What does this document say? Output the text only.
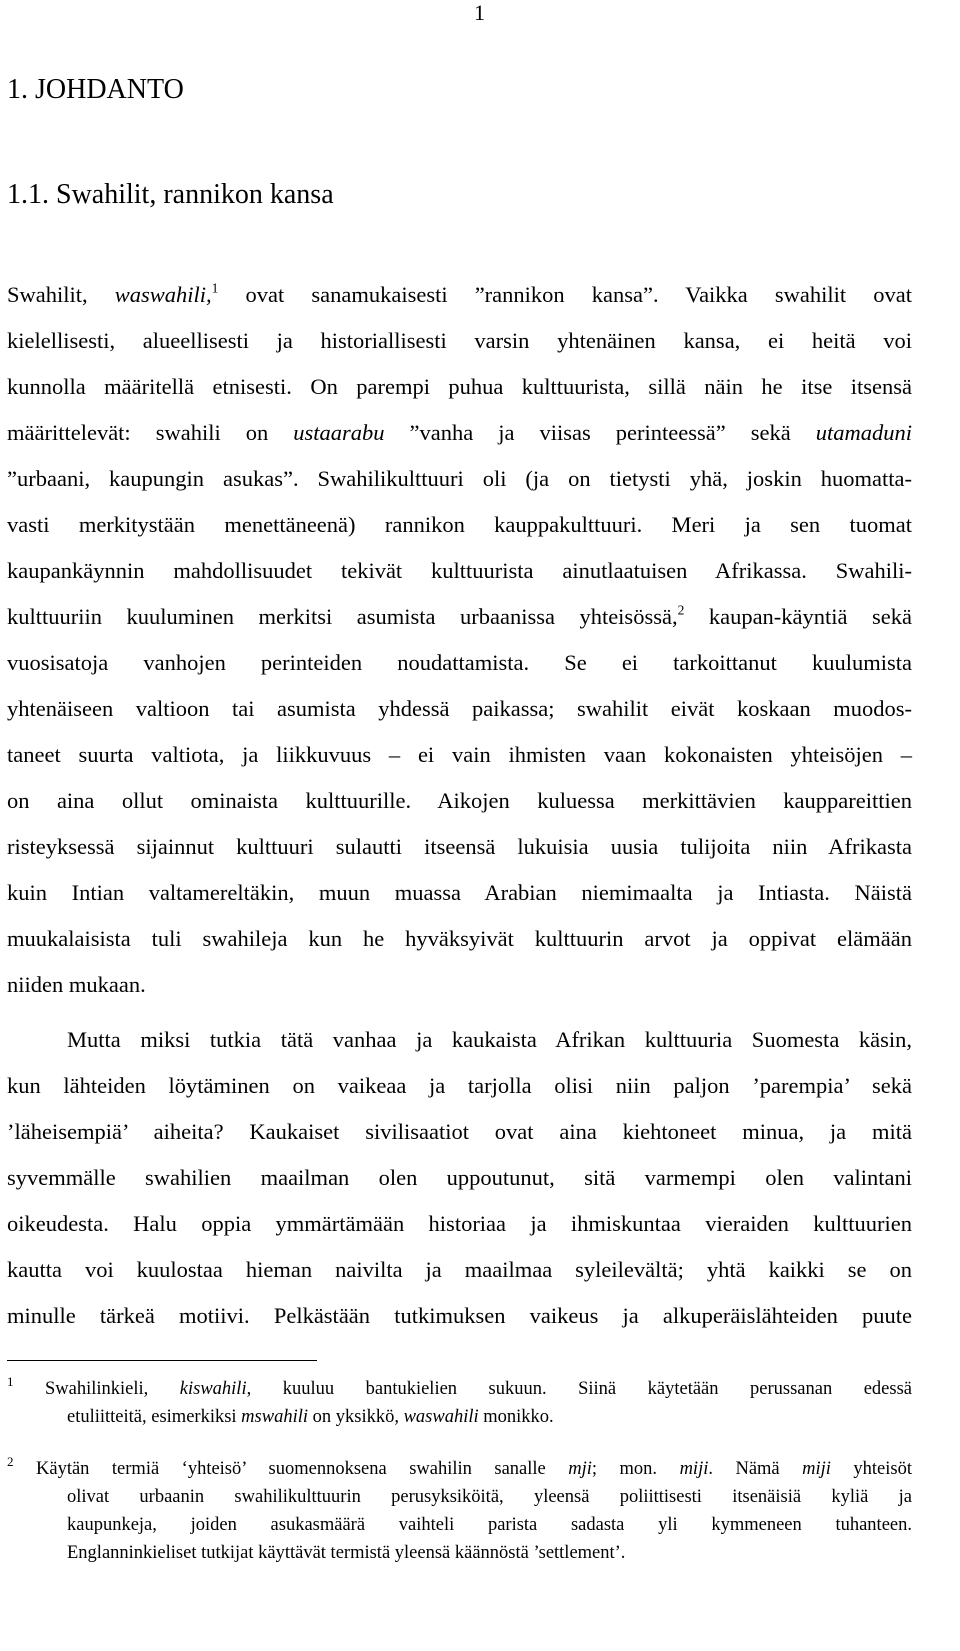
1
1. JOHDANTO
1.1. Swahilit, rannikon kansa
Swahilit, waswahili,$^1$ ovat sanamukaisesti ”rannikon kansa”. Vaikka swahilit ovat
kielellisesti, alueellisesti ja historiallisesti varsin yhtenäinen kansa, ei heitä voi
kunnolla määritellä etnisesti. On parempi puhua kulttuurista, sillä näin he itse itsensä
määrittelevät: swahili on ustaarabu ”vanha ja viisas perinteessä” sekä utamaduni
”urbaani, kaupungin asukas”. Swahilikulttuuri oli (ja on tietysti yhä, joskin huomatta-
vasti merkitystään menettäneenä) rannikon kauppakulttuuri. Meri ja sen tuomat
kaupankäynnin mahdollisuudet tekivät kulttuurista ainutlaatuisen Afrikassa. Swahili-
kulttuuriin kuuluminen merkitsi asumista urbaanissa yhteisössä,$^2$ kaupan-käyntiä sekä
vuosisatoja vanhojen perinteiden noudattamista. Se ei tarkoittanut kuulumista
yhtenäiseen valtioon tai asumista yhdessä paikassa; swahilit eivät koskaan muodos-
taneet suurta valtiota, ja liikkuvuus – ei vain ihmisten vaan kokonaisten yhteisöjen –
on aina ollut ominaista kulttuurille. Aikojen kuluessa merkittävien kauppareittien
risteyksessä sijainnut kulttuuri sulautti itseensä lukuisia uusia tulijoita niin Afrikasta
kuin Intian valtamereltäkin, muun muassa Arabian niemimaalta ja Intiasta. Näistä
muukalaisista tuli swahileja kun he hyväksyivät kulttuurin arvot ja oppivat elämään
niiden mukaan.
Mutta miksi tutkia tätä vanhaa ja kaukaista Afrikan kulttuuria Suomesta käsin,
kun lähteiden löytäminen on vaikeaa ja tarjolla olisi niin paljon ’parempia’ sekä
’läheisempiä’ aiheita? Kaukaiset sivilisaatiot ovat aina kiehtoneet minua, ja mitä
syvemmälle swahilien maailman olen uppoutunut, sitä varmempi olen valintani
oikeudesta. Halu oppia ymmärtämään historiaa ja ihmiskuntaa vieraiden kulttuurien
kautta voi kuulostaa hieman naivilta ja maailmaa syleilevältä; yhtä kaikki se on
minulle tärkeä motiivi. Pelkästään tutkimuksen vaikeus ja alkuperäislähteiden puute
$^1$ Swahilinkieli, kiswahili, kuuluu bantukielien sukuun. Siinä käytetään perussanan edessä
etuliitteitä, esimerkiksi mswahili on yksikkö, waswahili monikko.
$^2$ Käytän termiä ‘yhteisö’ suomennoksena swahilin sanalle mji; mon. miji. Nämä miji yhteisöt
olivat urbaanin swahilikulttuurin perusyksiköitä, yleensä poliittisesti itsenäisiä kyliä ja
kaupunkeja, joiden asukasmäärä vaihteli parista sadasta yli kymmeneen tuhanteen.
Englanninkieliset tutkijat käyttävät termistä yleensä käännöstä ’settlement’.
